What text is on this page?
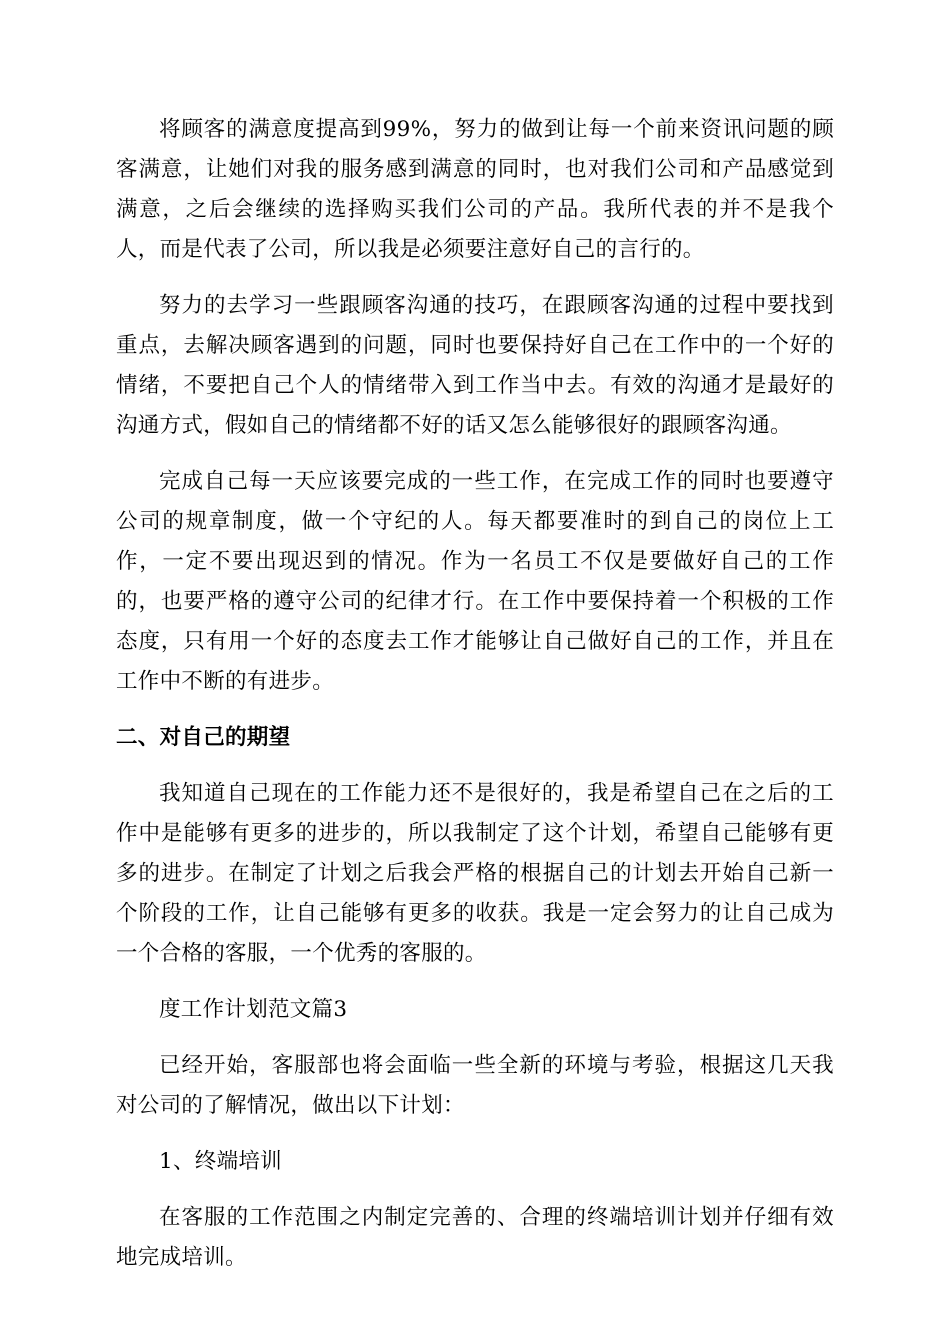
将顾客的满意度提高到99%，努力的做到让每一个前来资讯问题的顾客满意，让她们对我的服务感到满意的同时，也对我们公司和产品感觉到满意，之后会继续的选择购买我们公司的产品。我所代表的并不是我个人，而是代表了公司，所以我是必须要注意好自己的言行的。

努力的去学习一些跟顾客沟通的技巧，在跟顾客沟通的过程中要找到重点，去解决顾客遇到的问题，同时也要保持好自己在工作中的一个好的情绪，不要把自己个人的情绪带入到工作当中去。有效的沟通才是最好的沟通方式，假如自己的情绪都不好的话又怎么能够很好的跟顾客沟通。

完成自己每一天应该要完成的一些工作，在完成工作的同时也要遵守公司的规章制度，做一个守纪的人。每天都要准时的到自己的岗位上工作，一定不要出现迟到的情况。作为一名员工不仅是要做好自己的工作的，也要严格的遵守公司的纪律才行。在工作中要保持着一个积极的工作态度，只有用一个好的态度去工作才能够让自己做好自己的工作，并且在工作中不断的有进步。

二、对自己的期望

我知道自己现在的工作能力还不是很好的，我是希望自己在之后的工作中是能够有更多的进步的，所以我制定了这个计划，希望自己能够有更多的进步。在制定了计划之后我会严格的根据自己的计划去开始自己新一个阶段的工作，让自己能够有更多的收获。我是一定会努力的让自己成为一个合格的客服，一个优秀的客服的。

度工作计划范文篇3

已经开始，客服部也将会面临一些全新的环境与考验，根据这几天我对公司的了解情况，做出以下计划：

1、终端培训

在客服的工作范围之内制定完善的、合理的终端培训计划并仔细有效地完成培训。
